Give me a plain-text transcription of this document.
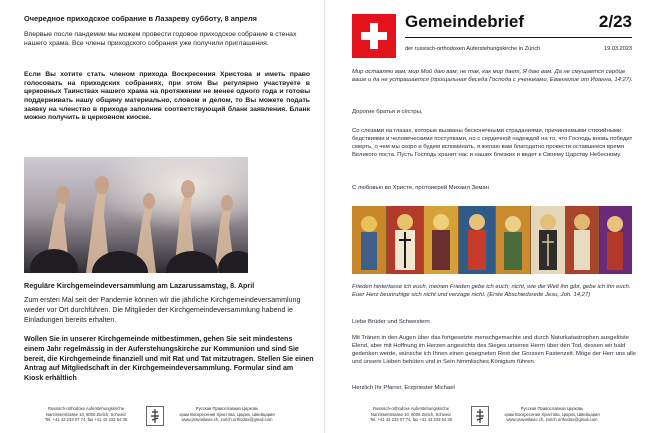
Очередное приходское собрание в Лазареву субботу, 8 апреля
Впервые после пандемии мы можем провести годовое приходское собрание в стенах нашего храма. Все члены приходского собрания уже получили приглашения.
Если Вы хотите стать членом прихода Воскресения Христова и иметь право голосовать на приходских собраниях, при этом Вы регулярно участвуете в церковных Таинствах нашего храма на протяжении не менее одного года и готовы поддерживать нашу общину материально, словом и делом, то Вы можете подать заявку на членство в приходе заполнив соответствующий бланк заявления. Бланк можно получить в церковном киоске.
Reguläre Kirchgemeindeversammlung am Lazarussamstag, 8. April
Zum ersten Mal seit der Pandemie können wir die jährliche Kirchgemeindeversammlung wieder vor Ort durchführen. Die Mitglieder der Kirchgemeindeversammlung habend ie Einladungen bereits erhalten.
Wollen Sie in unserer Kirchgemeinde mitbestimmen, gehen Sie seit mindestens einem Jahr regelmässig in der Auferstehungskirche zur Kommunion und sind Sie bereit, die Kirchgemeinde finanziell und mit Rat und Tat mitzutragen. Stellen Sie einen Antrag auf Mitgliedschaft in der Kirchgemeindeversammlung. Formular sind am Kiosk erhältlich
Russisch-orthodoxe Auferstehungskirche
Narzissenstrasse 10, 8006 Zürich, Schweiz
Tel. +41 43 233 07 74, fax +41 43 233 64 35
Русская Православная Церковь
храм Воскресения Христова, Цюрих, Швейцария
www.pravoslavie.ch, zurich.orthodox@gmail.com
Gemeindebrief	2/23
der russisch-orthodoxen Auferstehungskirche in Zürich	19.03.2023
Мир оставляю вам, мир Мой даю вам; не так, как мир дает, Я даю вам. Да не смущается сердце ваше и да не устрашается (прощальная беседа Господа с учениками, Евангелие от Иоанна, 14:27).
Дорогие братья и сёстры,
Со слезами на глазах, которые вызваны бесконечными страданиями, причиняемыми стихийными бедствиями и человеческими поступками, но с сердечной надеждой на то, что Господь вновь победит смерть, о чем мы скоро и будем вспоминать, я желаю вам благодатно провести оставшееся время Великого поста. Пусть Господь хранит нас и наших близких и ведет к Своему Царству Небесному.
С любовью во Христе, протоиерей Михаил Земан
Frieden hinterlasse ich euch, meinen Frieden gebe ich euch; nicht, wie die Welt ihn gibt, gebe ich ihn euch. Euer Herz beunruhige sich nicht und verzage nicht. (Erste Abschiedsrede Jesu, Joh. 14,27)
Liebe Brüder und Schwestern
Mit Tränen in den Augen über das fortgesetzte menschgemachte und durch Naturkatastrophen ausgelöste Elend, aber mit Hoffnung im Herzen angesichts des Sieges unseres Herrn über den Tod, dessen wir bald gedenken werde, wünsche ich Ihnen einen gesegneten Rest der Grossen Fastenzeit. Möge der Herr uns alle und unsere Lieben behüten und in Sein himmlisches Königtum führen.
Herzlich Ihr Pfarrer, Erzpriester Michael
Russisch-orthodoxe Auferstehungskirche
Narzissenstrasse 10, 8006 Zürich, Schweiz
Tel. +41 43 233 07 74, fax +41 43 233 64 35
Русская Православная Церковь
храм Воскресения Христова, Цюрих, Швейцария
www.pravoslavie.ch, zurich.orthodox@gmail.com
